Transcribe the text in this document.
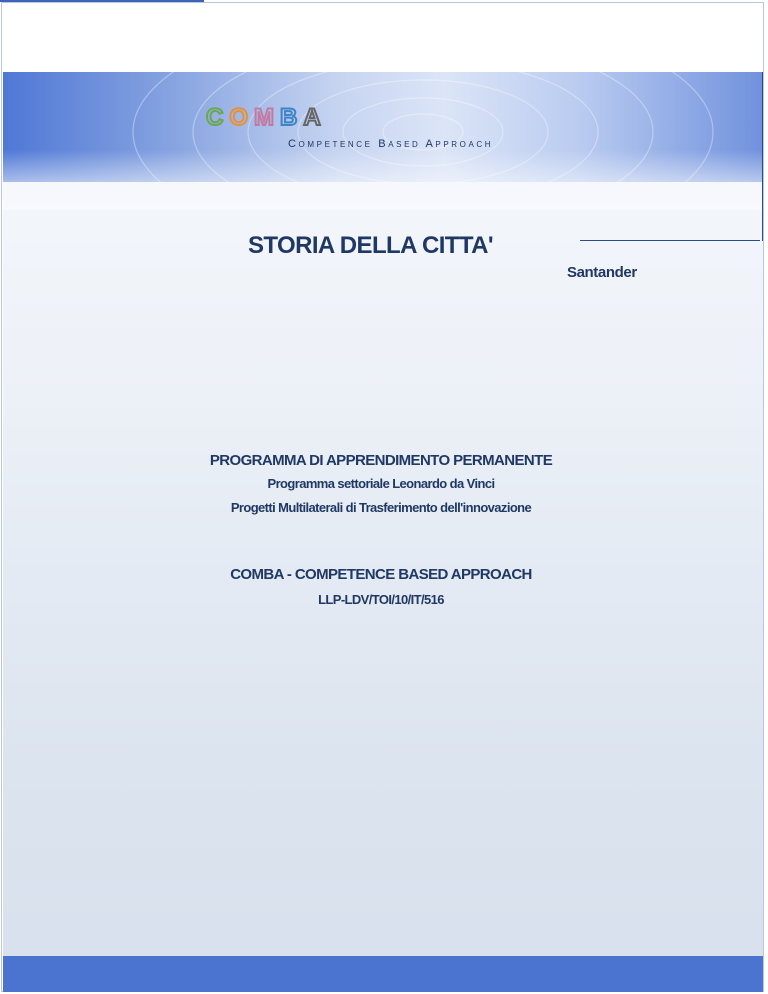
C O M B A
Competence Based Approach
STORIA DELLA CITTA'
Santander
PROGRAMMA DI APPRENDIMENTO PERMANENTE
Programma settoriale Leonardo da Vinci
Progetti Multilaterali di Trasferimento dell'innovazione
COMBA - COMPETENCE BASED APPROACH
LLP-LDV/TOI/10/IT/516
